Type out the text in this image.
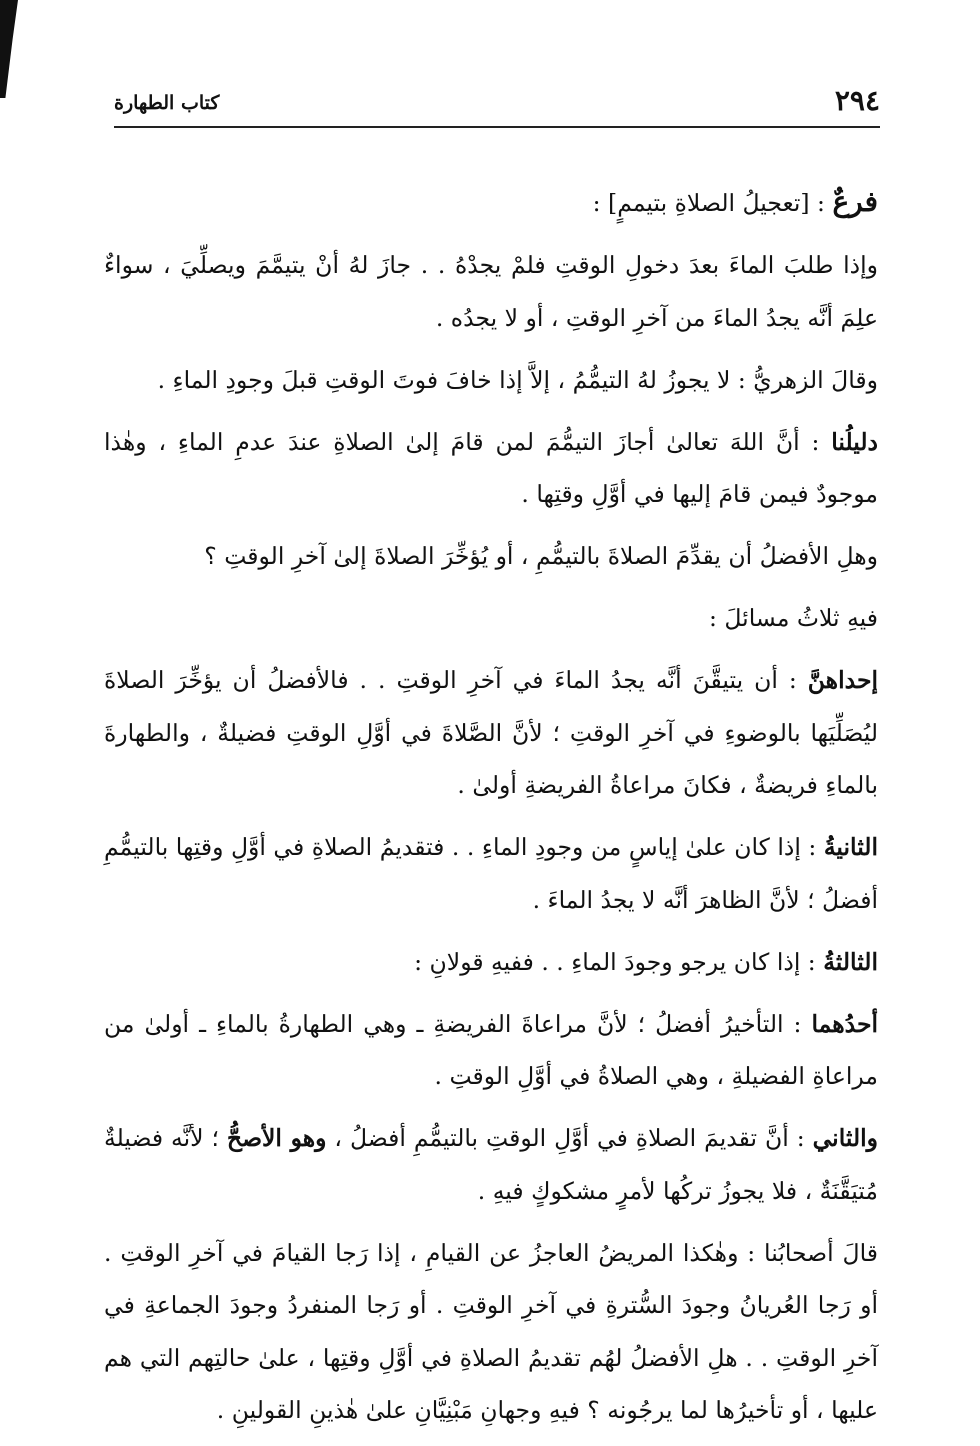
٢٩٤
كتاب الطهارة

فرعٌ : [تعجيلُ الصلاةِ بتيممٍ] :

وإذا طلبَ الماءَ بعدَ دخولِ الوقتِ فلمْ يجدْهُ . . جازَ لهُ أنْ يتيمَّمَ ويصلِّيَ ، سواءٌ علِمَ أنَّه يجدُ الماءَ من آخرِ الوقتِ ، أو لا يجدُه .

وقالَ الزهريُّ : لا يجوزُ لهُ التيمُّمُ ، إلاَّ إذا خافَ فوتَ الوقتِ قبلَ وجودِ الماءِ .

دليلُنا : أنَّ اللهَ تعالىٰ أجازَ التيمُّمَ لمن قامَ إلىٰ الصلاةِ عندَ عدمِ الماءِ ، وهٰذا موجودٌ فيمن قامَ إليها في أوَّلِ وقتِها .

وهلِ الأفضلُ أن يقدِّمَ الصلاةَ بالتيمُّمِ ، أو يُؤخِّرَ الصلاةَ إلىٰ آخرِ الوقتِ ؟

فيهِ ثلاثُ مسائلَ :

إحداهنَّ : أن يتيقَّنَ أنَّه يجدُ الماءَ في آخرِ الوقتِ . . فالأفضلُ أن يؤخِّرَ الصلاةَ ليُصَلِّيَها بالوضوءِ في آخرِ الوقتِ ؛ لأنَّ الصَّلاةَ في أوَّلِ الوقتِ فضيلةٌ ، والطهارةَ بالماءِ فريضةٌ ، فكانَ مراعاةُ الفريضةِ أولىٰ .

الثانيةُ : إذا كان علىٰ إياسٍ من وجودِ الماءِ . . فتقديمُ الصلاةِ في أوَّلِ وقتِها بالتيمُّمِ أفضلُ ؛ لأنَّ الظاهرَ أنَّه لا يجدُ الماءَ .

الثالثةُ : إذا كان يرجو وجودَ الماءِ . . ففيهِ قولانِ :

أحدُهما : التأخيرُ أفضلُ ؛ لأنَّ مراعاةَ الفريضةِ ـ وهي الطهارةُ بالماءِ ـ أولىٰ من مراعاةِ الفضيلةِ ، وهي الصلاةُ في أوَّلِ الوقتِ .

والثاني : أنَّ تقديمَ الصلاةِ في أوَّلِ الوقتِ بالتيمُّمِ أفضلُ ، وهو الأصحُّ ؛ لأنَّه فضيلةٌ مُتيَقَّنَةٌ ، فلا يجوزُ تركُها لأمرٍ مشكوكٍ فيهِ .

قالَ أصحابُنا : وهٰكذا المريضُ العاجزُ عن القيامِ ، إذا رَجا القيامَ في آخرِ الوقتِ . أو رَجا العُريانُ وجودَ السُّترةِ في آخرِ الوقتِ . أو رَجا المنفردُ وجودَ الجماعةِ في آخرِ الوقتِ . . هلِ الأفضلُ لهُم تقديمُ الصلاةِ في أوَّلِ وقتِها ، علىٰ حالتِهم التي هم عليها ، أو تأخيرُها لما يرجُونه ؟ فيهِ وجهانِ مَبْنِيَّانِ علىٰ هٰذينِ القولينِ .
